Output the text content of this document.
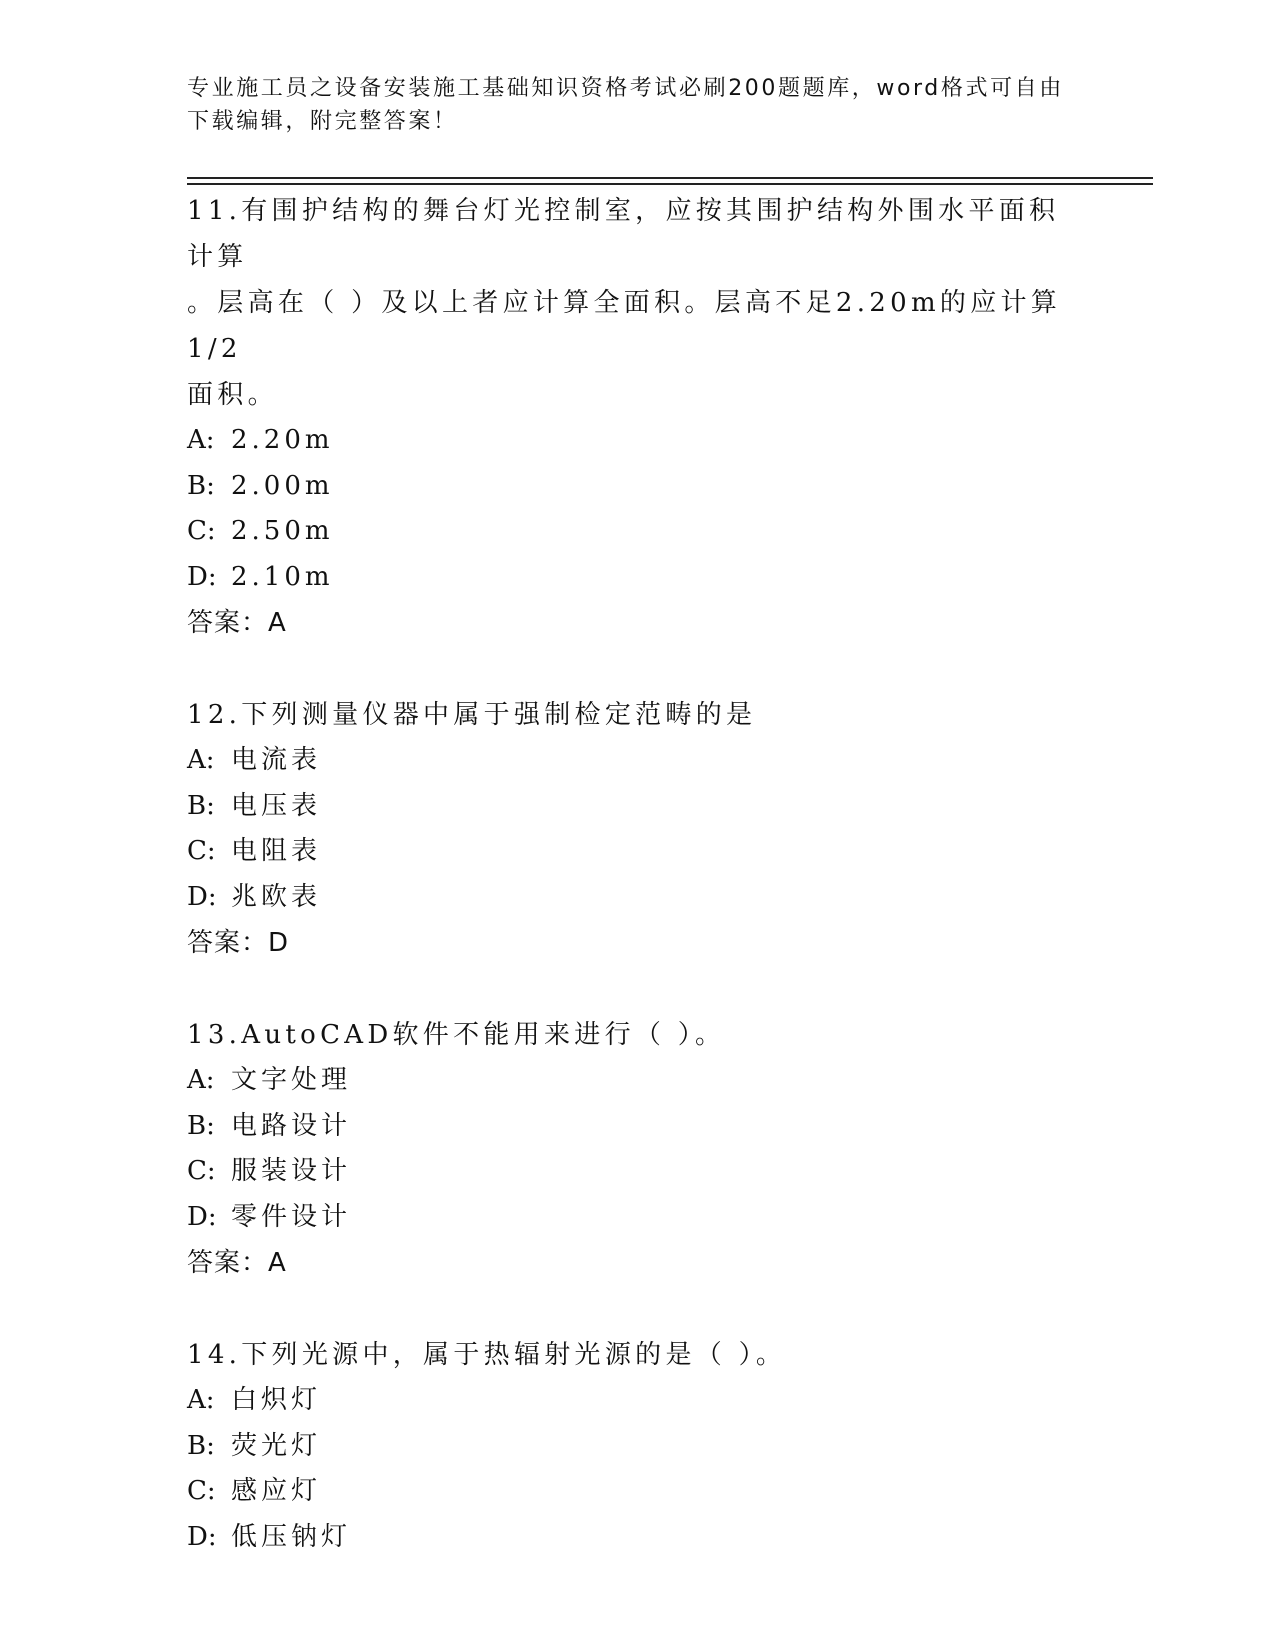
专业施工员之设备安装施工基础知识资格考试必刷200题题库，word格式可自由
下载编辑，附完整答案！
11.有围护结构的舞台灯光控制室，应按其围护结构外围水平面积计算
。层高在（ ）及以上者应计算全面积。层高不足2.20m的应计算1/2
面积。
A: 2.20m
B: 2.00m
C: 2.50m
D: 2.10m
答案：A
12.下列测量仪器中属于强制检定范畴的是
A: 电流表
B: 电压表
C: 电阻表
D: 兆欧表
答案：D
13.AutoCAD软件不能用来进行（ ）。
A: 文字处理
B: 电路设计
C: 服装设计
D: 零件设计
答案：A
14.下列光源中，属于热辐射光源的是（ ）。
A: 白炽灯
B: 荧光灯
C: 感应灯
D: 低压钠灯
